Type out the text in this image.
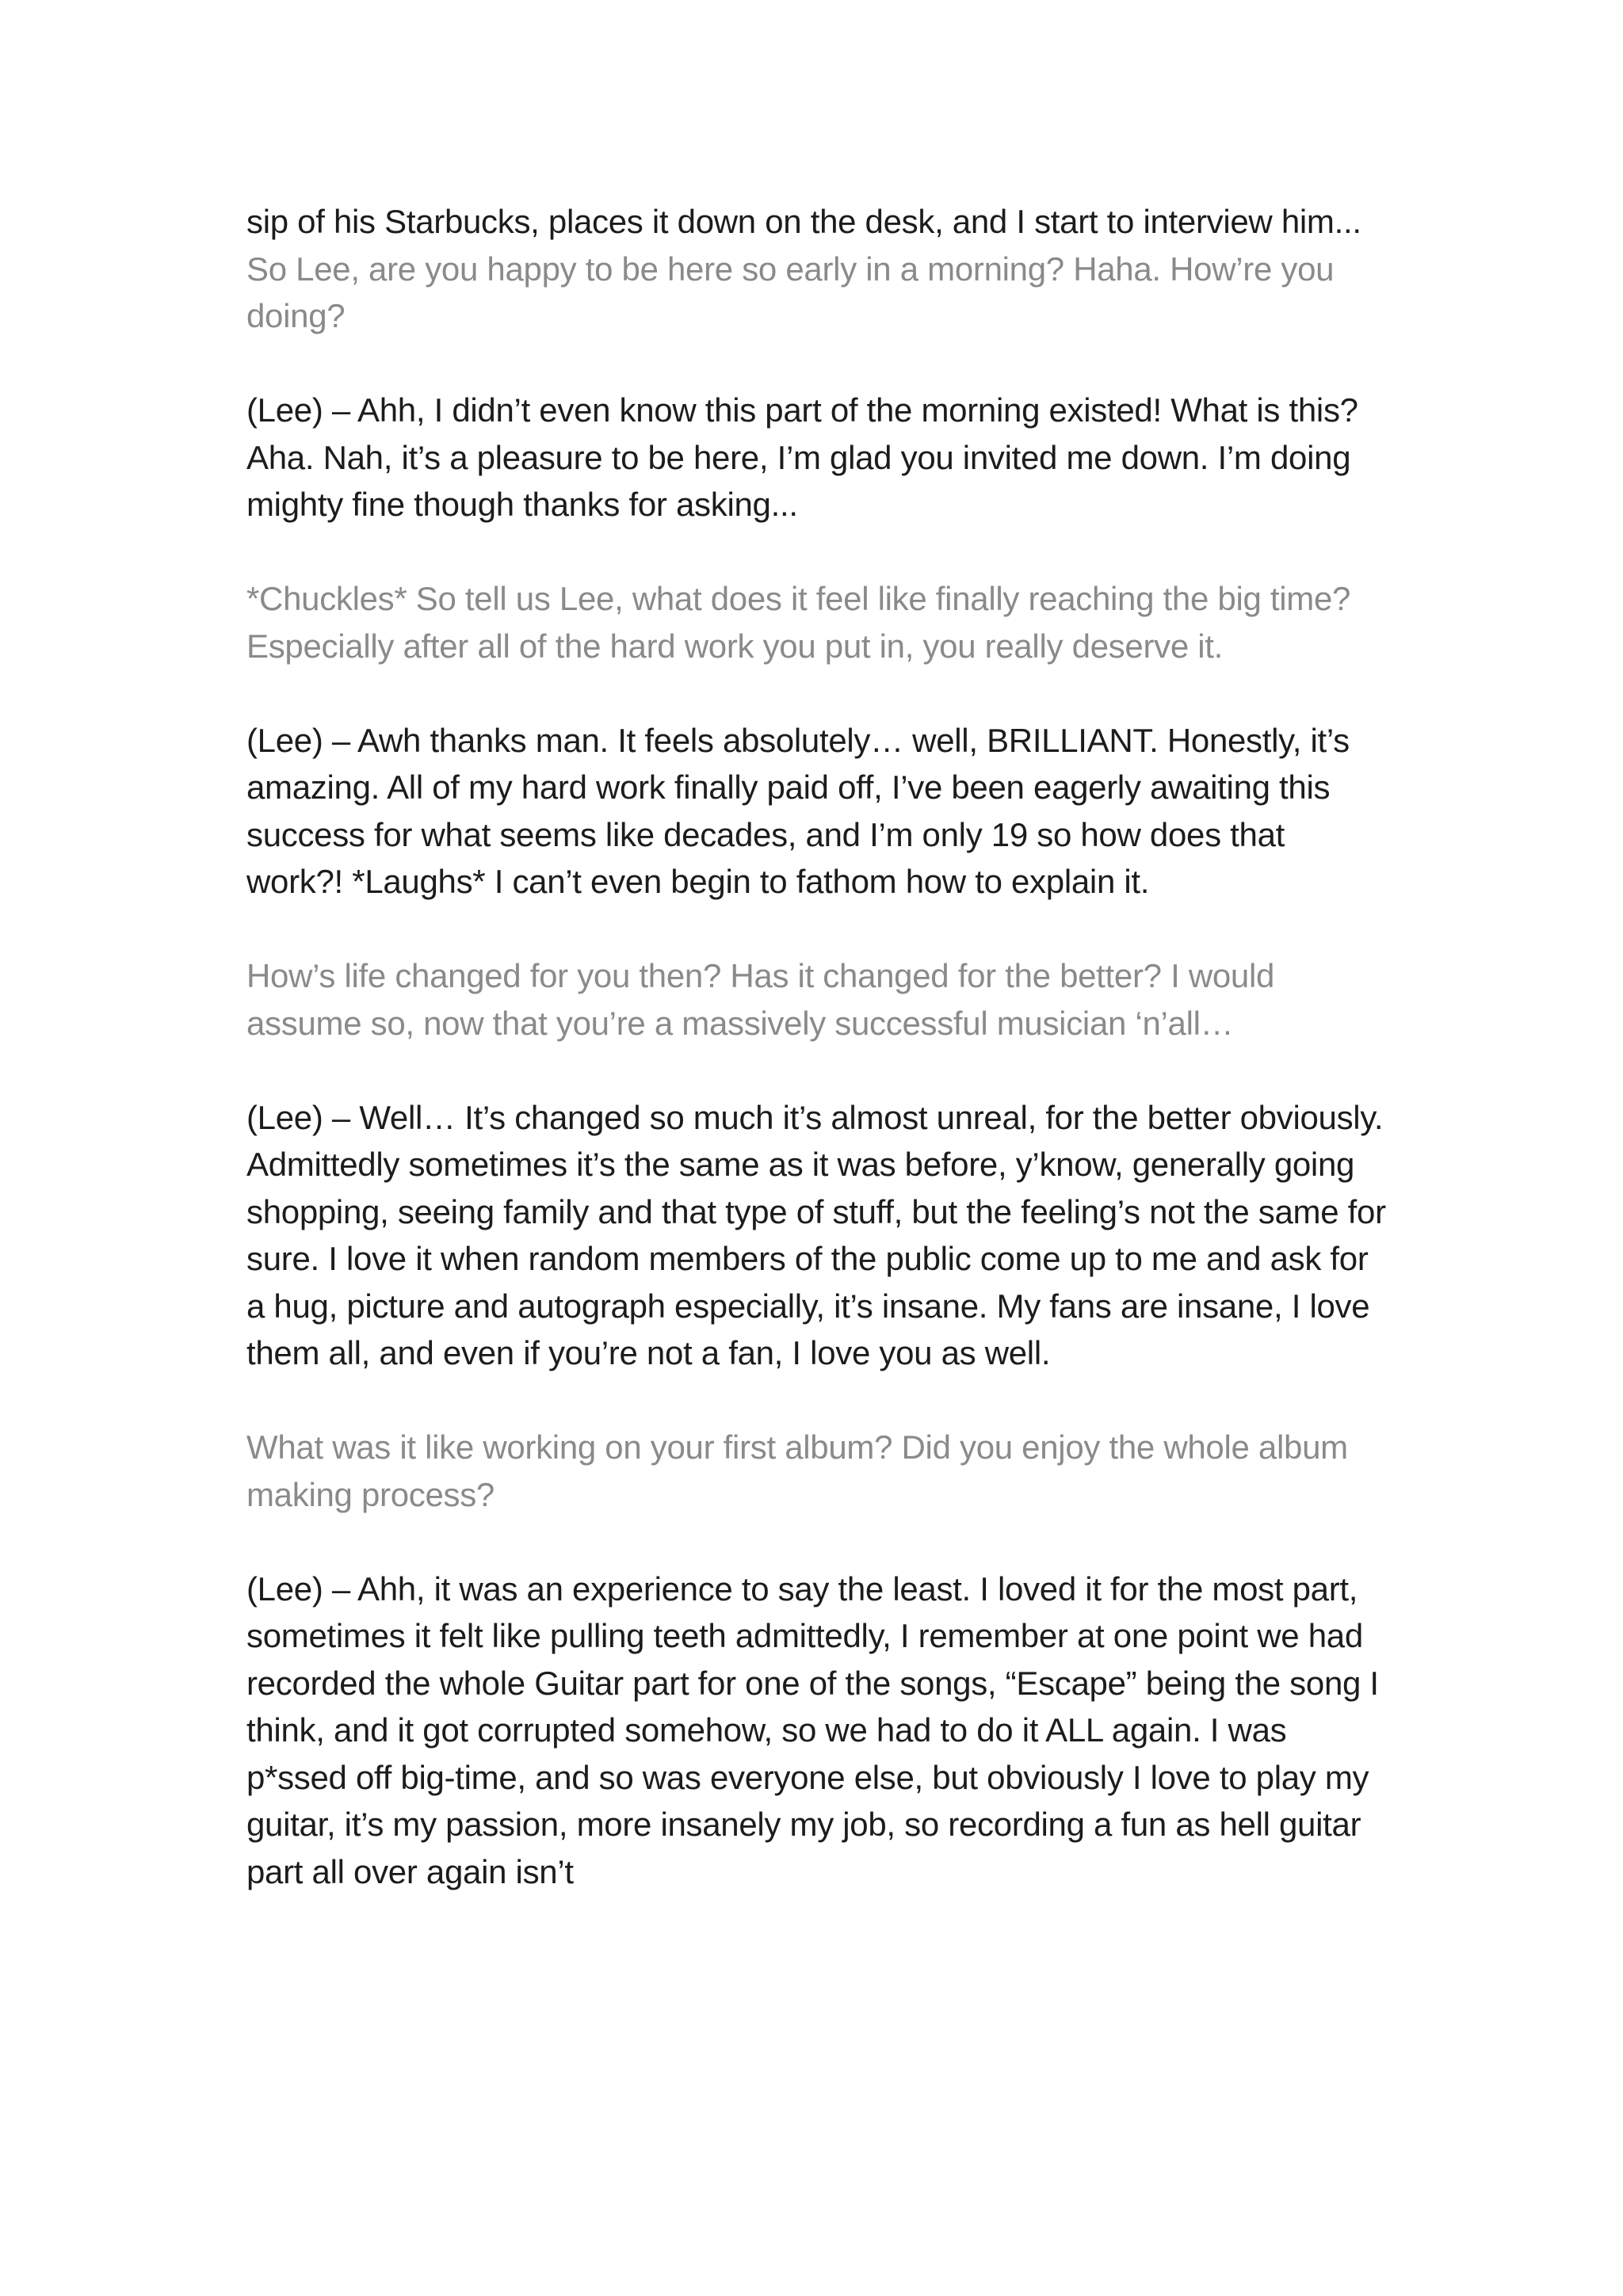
sip of his Starbucks, places it down on the desk, and I start to interview him...

So Lee, are you happy to be here so early in a morning? Haha. How’re you doing?

(Lee) – Ahh, I didn’t even know this part of the morning existed! What is this? Aha. Nah, it’s a pleasure to be here, I’m glad you invited me down. I’m doing mighty fine though thanks for asking...

*Chuckles* So tell us Lee, what does it feel like finally reaching the big time? Especially after all of the hard work you put in, you really deserve it.

(Lee) – Awh thanks man. It feels absolutely… well, BRILLIANT. Honestly, it’s amazing. All of my hard work finally paid off, I’ve been eagerly awaiting this success for what seems like decades, and I’m only 19 so how does that work?! *Laughs* I can’t even begin to fathom how to explain it.

How’s life changed for you then? Has it changed for the better? I would assume so, now that you’re a massively successful musician ‘n’all…

(Lee) – Well… It’s changed so much it’s almost unreal, for the better obviously. Admittedly sometimes it’s the same as it was before, y’know, generally going shopping, seeing family and that type of stuff, but the feeling’s not the same for sure. I love it when random members of the public come up to me and ask for a hug, picture and autograph especially, it’s insane. My fans are insane, I love them all, and even if you’re not a fan, I love you as well.

What was it like working on your first album? Did you enjoy the whole album making process?

(Lee) – Ahh, it was an experience to say the least. I loved it for the most part, sometimes it felt like pulling teeth admittedly, I remember at one point we had recorded the whole Guitar part for one of the songs, “Escape” being the song I think, and it got corrupted somehow, so we had to do it ALL again. I was p*ssed off big-time, and so was everyone else, but obviously I love to play my guitar, it’s my passion, more insanely my job, so recording a fun as hell guitar part all over again isn’t
